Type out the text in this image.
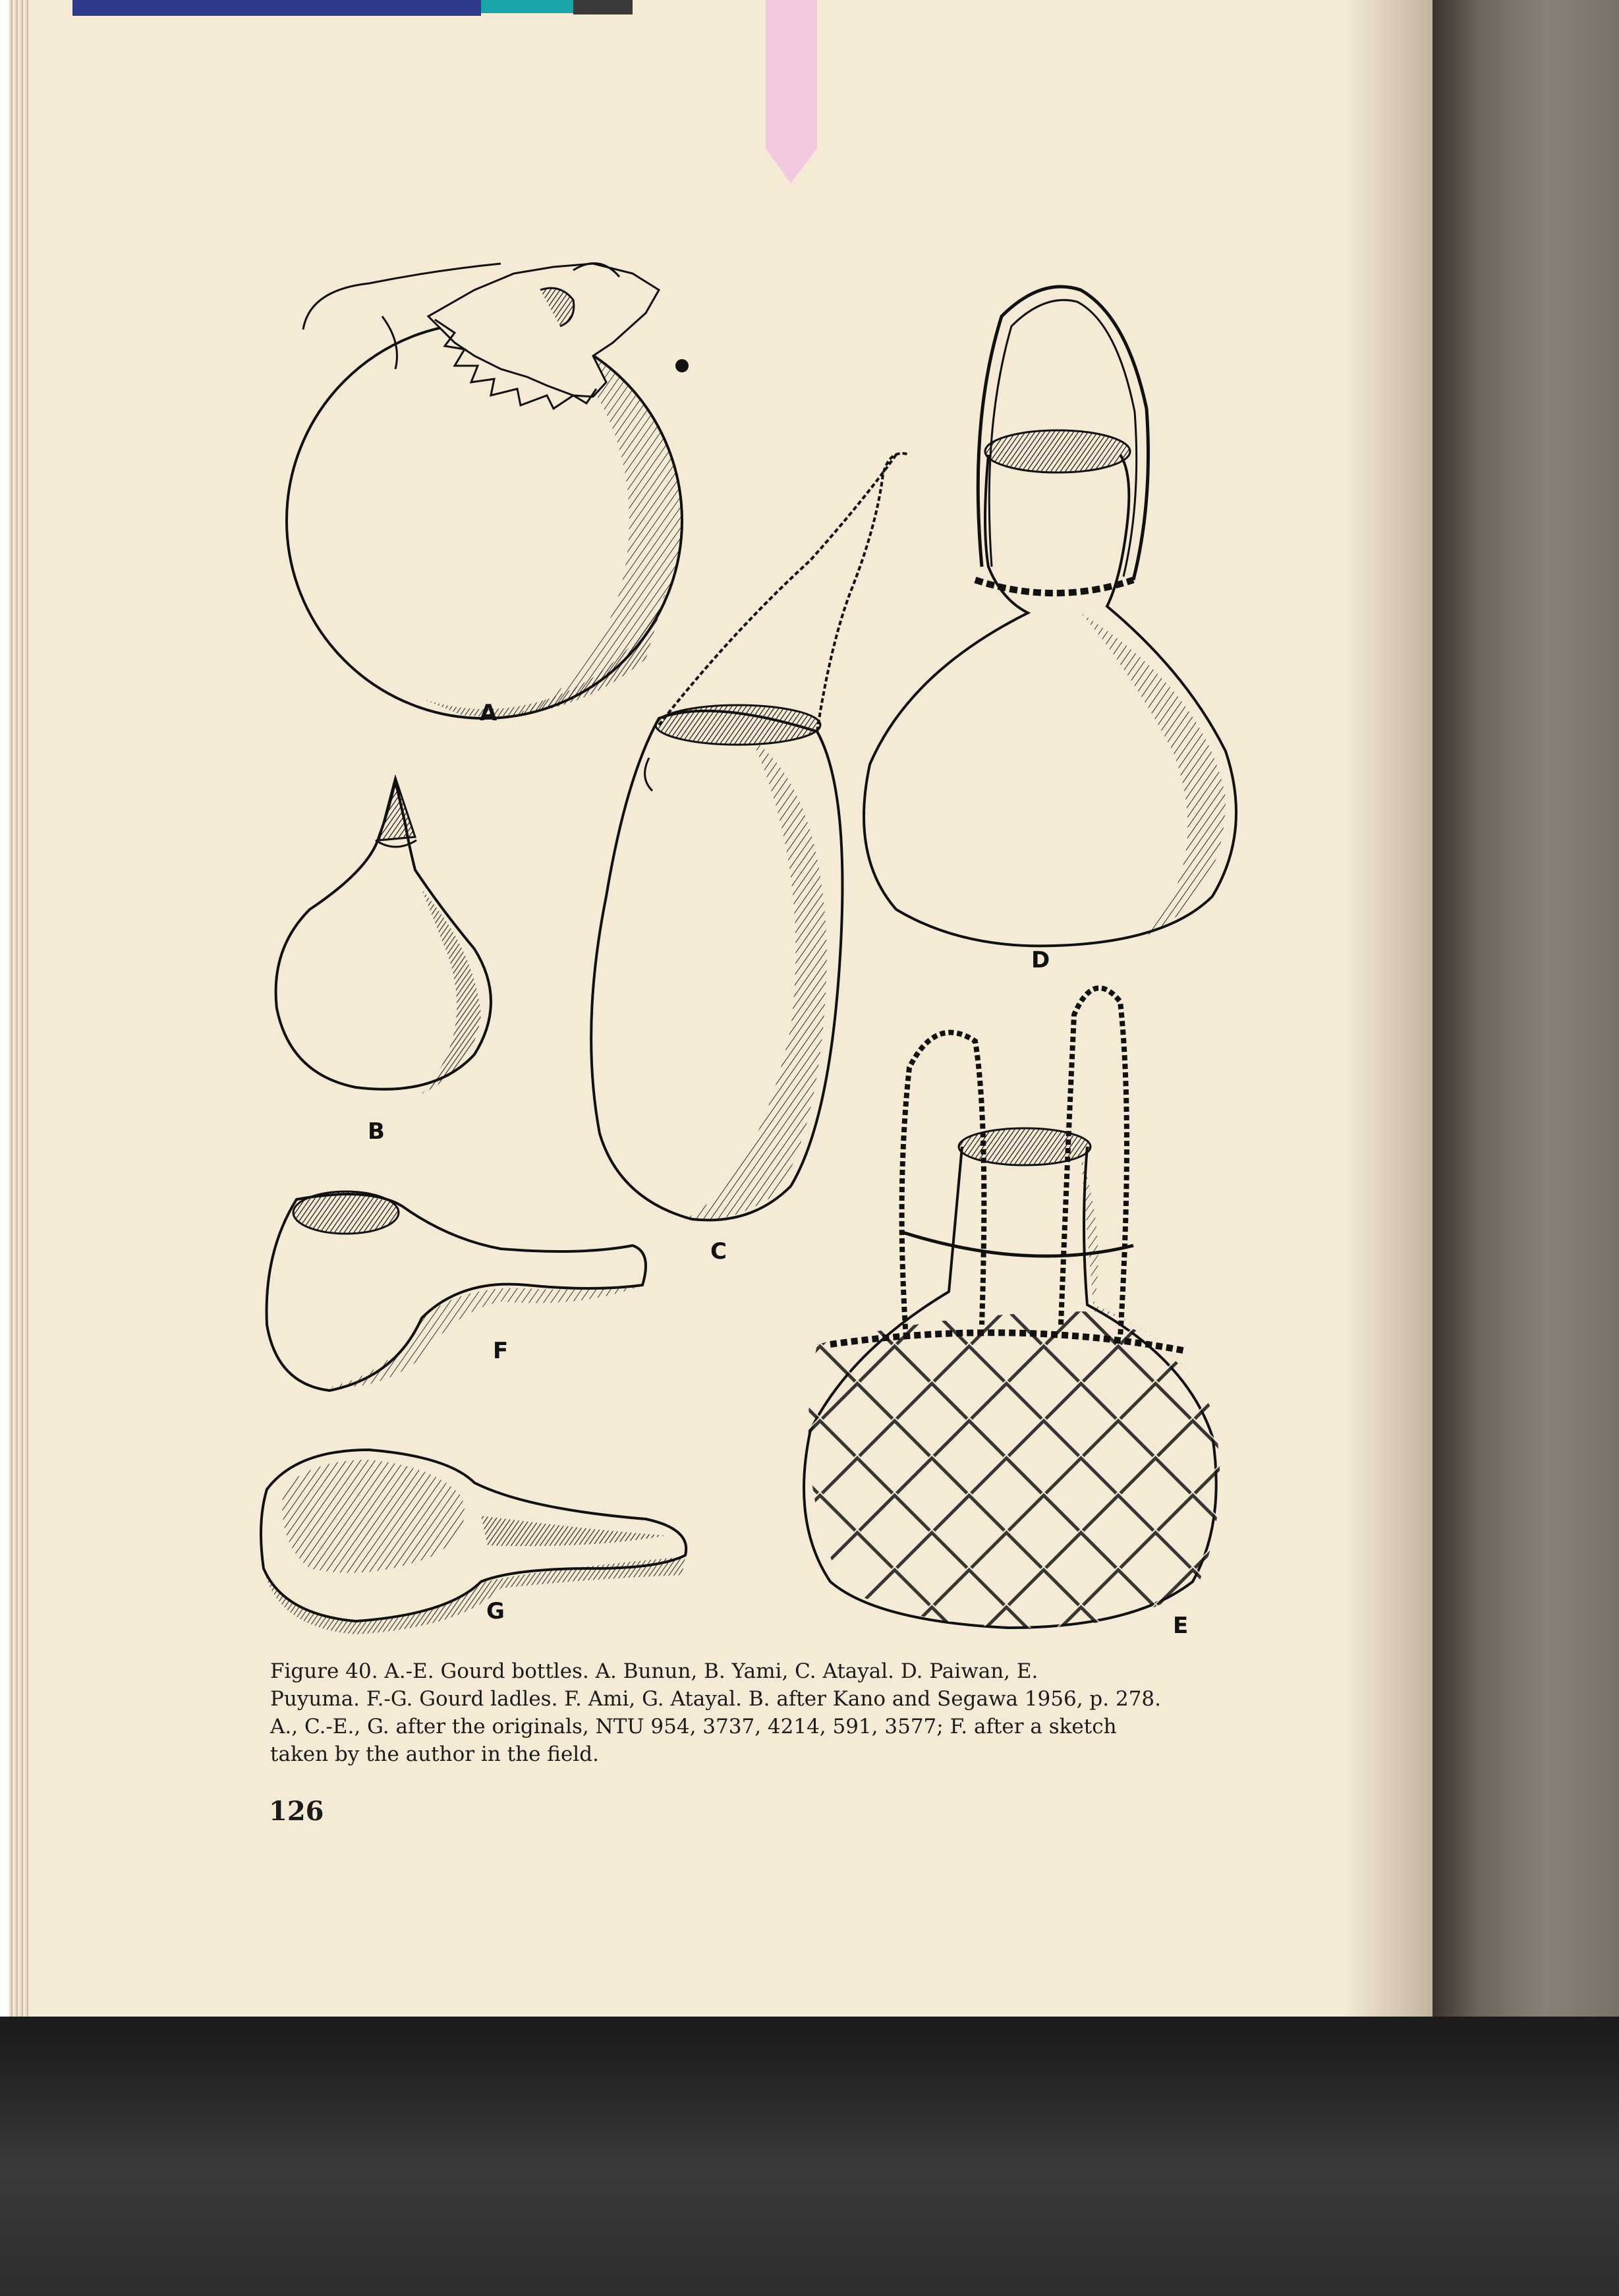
A
B
C
D
E
F
G

Figure 40. A.-E. Gourd bottles. A. Bunun, B. Yami, C. Atayal. D. Paiwan, E.
Puyuma. F.-G. Gourd ladles. F. Ami, G. Atayal. B. after Kano and Segawa 1956, p. 278.
A., C.-E., G. after the originals, NTU 954, 3737, 4214, 591, 3577; F. after a sketch
taken by the author in the field.

126
